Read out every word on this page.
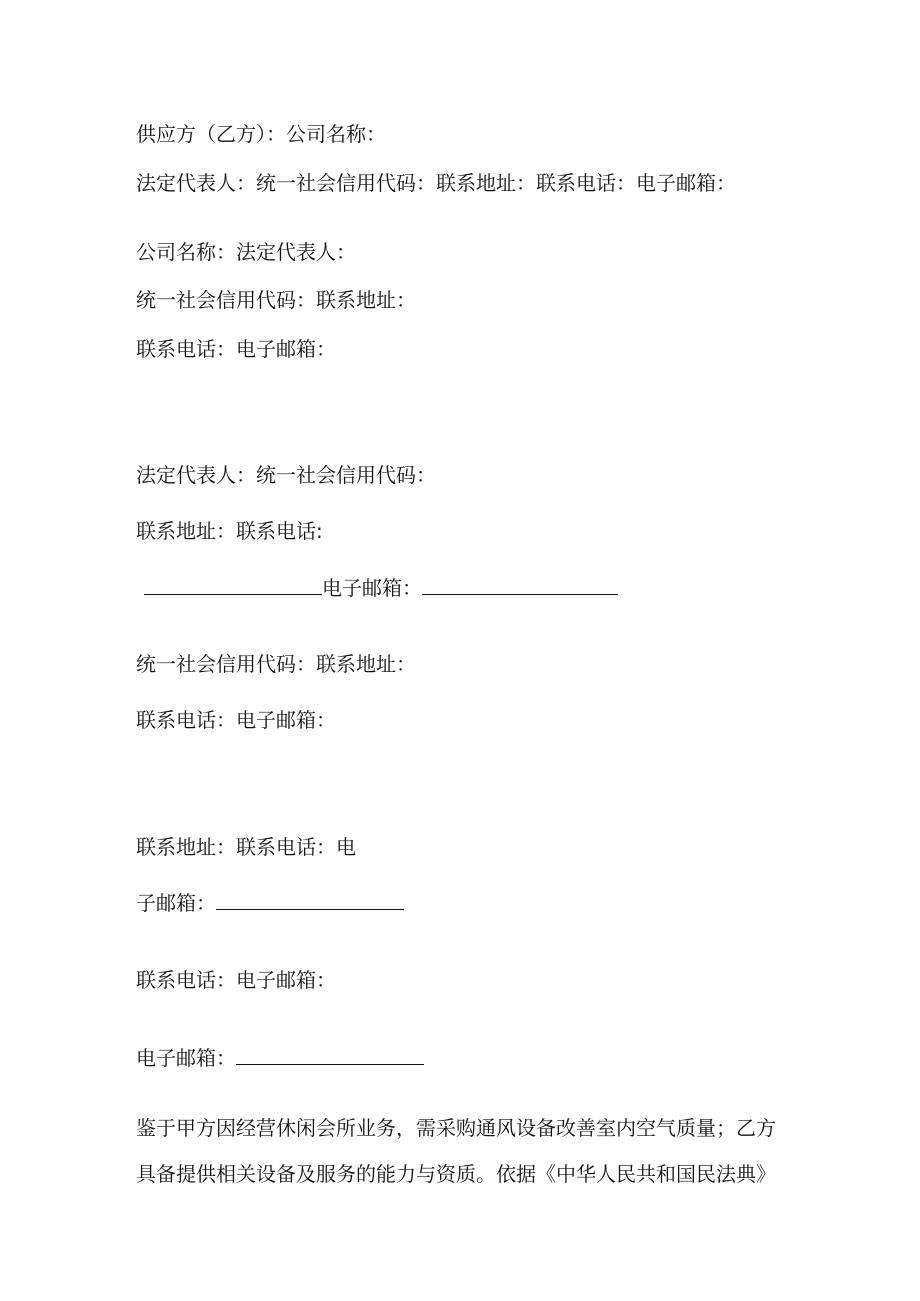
供应方（乙方）：公司名称：
法定代表人：统一社会信用代码：联系地址：联系电话：电子邮箱：
公司名称：法定代表人：
统一社会信用代码：联系地址：
联系电话：电子邮箱：
法定代表人：统一社会信用代码：
联系地址：联系电话:
电子邮箱：
统一社会信用代码：联系地址：
联系电话：电子邮箱：
联系地址：联系电话：电
子邮箱：
联系电话：电子邮箱：
电子邮箱：
鉴于甲方因经营休闲会所业务，需采购通风设备改善室内空气质量；乙方
具备提供相关设备及服务的能力与资质。依据《中华人民共和国民法典》
